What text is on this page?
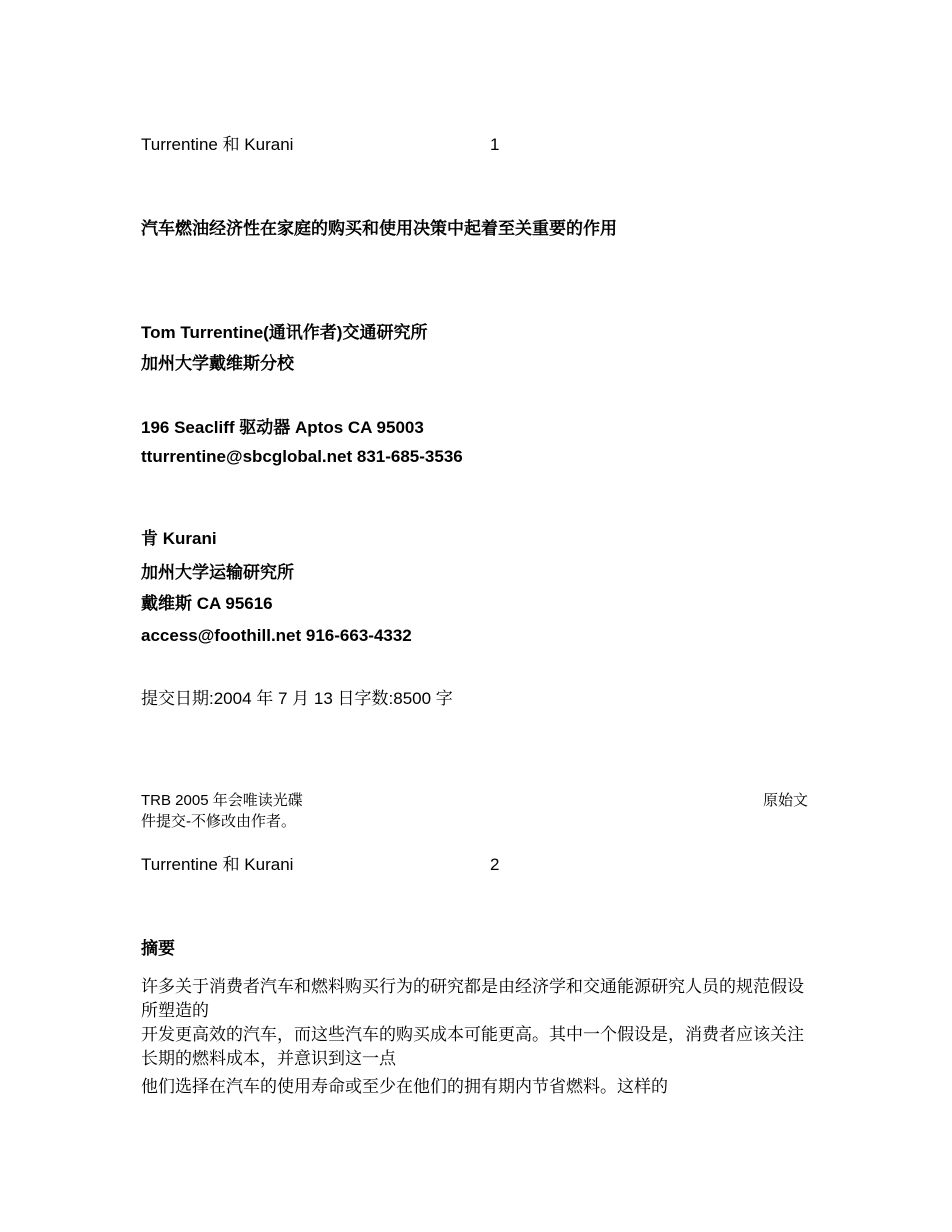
Turrentine 和 Kurani	1
汽车燃油经济性在家庭的购买和使用决策中起着至关重要的作用
Tom Turrentine(通讯作者)交通研究所
加州大学戴维斯分校
196 Seacliff 驱动器 Aptos CA 95003
tturrentine@sbcglobal.net 831-685-3536
肯 Kurani
加州大学运输研究所
戴维斯 CA 95616
access@foothill.net 916-663-4332
提交日期:2004 年 7 月 13 日字数:8500 字
TRB 2005 年会唯读光碟	原始文
件提交-不修改由作者。
Turrentine 和 Kurani	2
摘要
许多关于消费者汽车和燃料购买行为的研究都是由经济学和交通能源研究人员的规范假设所塑造的
开发更高效的汽车，而这些汽车的购买成本可能更高。其中一个假设是，消费者应该关注长期的燃料成本，并意识到这一点
他们选择在汽车的使用寿命或至少在他们的拥有期内节省燃料。这样的
